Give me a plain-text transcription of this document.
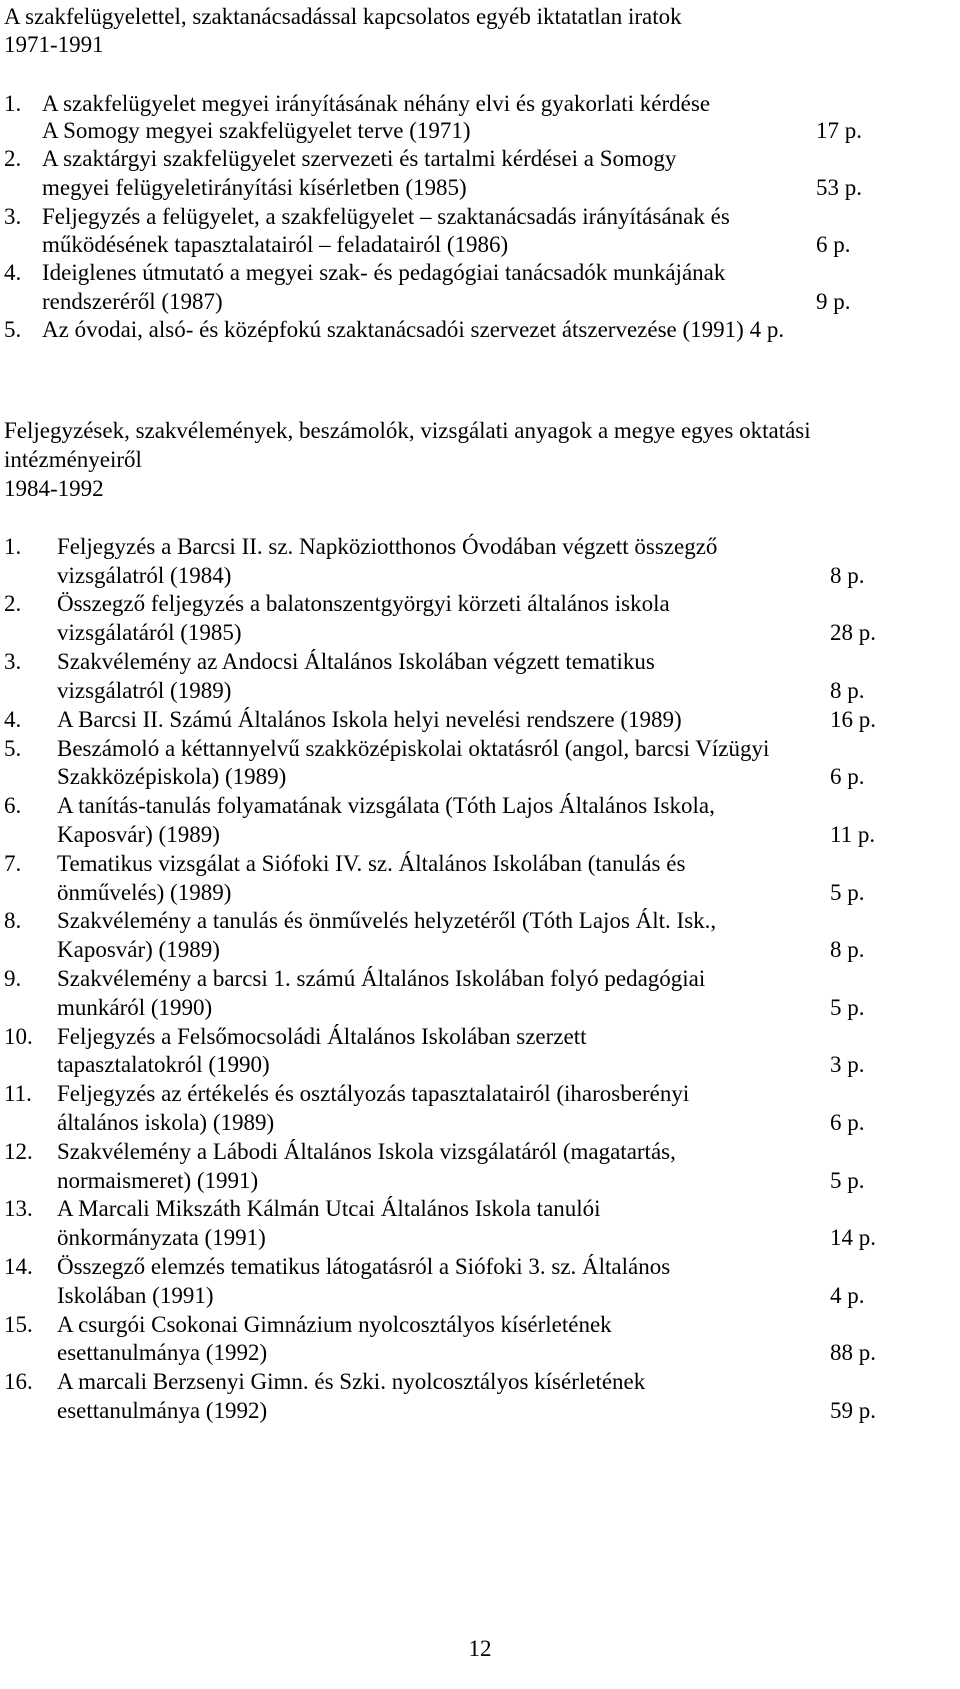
A szakfelügyelettel, szaktanácsadással kapcsolatos egyéb iktatatlan iratok
1971-1991
1. A szakfelügyelet megyei irányításának néhány elvi és gyakorlati kérdése
A Somogy megyei szakfelügyelet terve (1971)	17 p.
2. A szaktárgyi szakfelügyelet szervezeti és tartalmi kérdései a Somogy
megyei felügyeletirányítási kísérletben (1985)	53 p.
3. Feljegyzés a felügyelet, a szakfelügyelet – szaktanácsadás irányításának és
működésének tapasztalatairól – feladatairól (1986)	6 p.
4. Ideiglenes útmutató a megyei szak- és pedagógiai tanácsadók munkájának
rendszeréről (1987)	9 p.
5. Az óvodai, alsó- és középfokú szaktanácsadói szervezet átszervezése (1991) 4 p.
Feljegyzések, szakvélemények, beszámolók, vizsgálati anyagok a megye egyes oktatási
intézményeiről
1984-1992
1. Feljegyzés a Barcsi II. sz. Napköziotthonos Óvodában végzett összegző
vizsgálatról (1984)	8 p.
2. Összegző feljegyzés a balatonszentgyörgyi körzeti általános iskola
vizsgálatáról (1985)	28 p.
3. Szakvélemény az Andocsi Általános Iskolában végzett tematikus
vizsgálatról (1989)	8 p.
4. A Barcsi II. Számú Általános Iskola helyi nevelési rendszere (1989)	16 p.
5. Beszámoló a kéttannyelvű szakközépiskolai oktatásról (angol, barcsi Vízügyi
Szakközépiskola) (1989)	6 p.
6. A tanítás-tanulás folyamatának vizsgálata (Tóth Lajos Általános Iskola,
Kaposvár) (1989)	11 p.
7. Tematikus vizsgálat a Siófoki IV. sz. Általános Iskolában (tanulás és
önművelés) (1989)	5 p.
8. Szakvélemény a tanulás és önművelés helyzetéről (Tóth Lajos Ált. Isk.,
Kaposvár) (1989)	8 p.
9. Szakvélemény a barcsi 1. számú Általános Iskolában folyó pedagógiai
munkáról (1990)	5 p.
10. Feljegyzés a Felsőmocsoládi Általános Iskolában szerzett
tapasztalatokról (1990)	3 p.
11. Feljegyzés az értékelés és osztályozás tapasztalatairól (iharosberényi
általános iskola) (1989)	6 p.
12. Szakvélemény a Lábodi Általános Iskola vizsgálatáról (magatartás,
normaismeret) (1991)	5 p.
13. A Marcali Mikszáth Kálmán Utcai Általános Iskola tanulói
önkormányzata (1991)	14 p.
14. Összegző elemzés tematikus látogatásról a Siófoki 3. sz. Általános
Iskolában (1991)	4 p.
15. A csurgói Csokonai Gimnázium nyolcosztályos kísérletének
esettanulmánya (1992)	88 p.
16. A marcali Berzsenyi Gimn. és Szki. nyolcosztályos kísérletének
esettanulmánya (1992)	59 p.
12
